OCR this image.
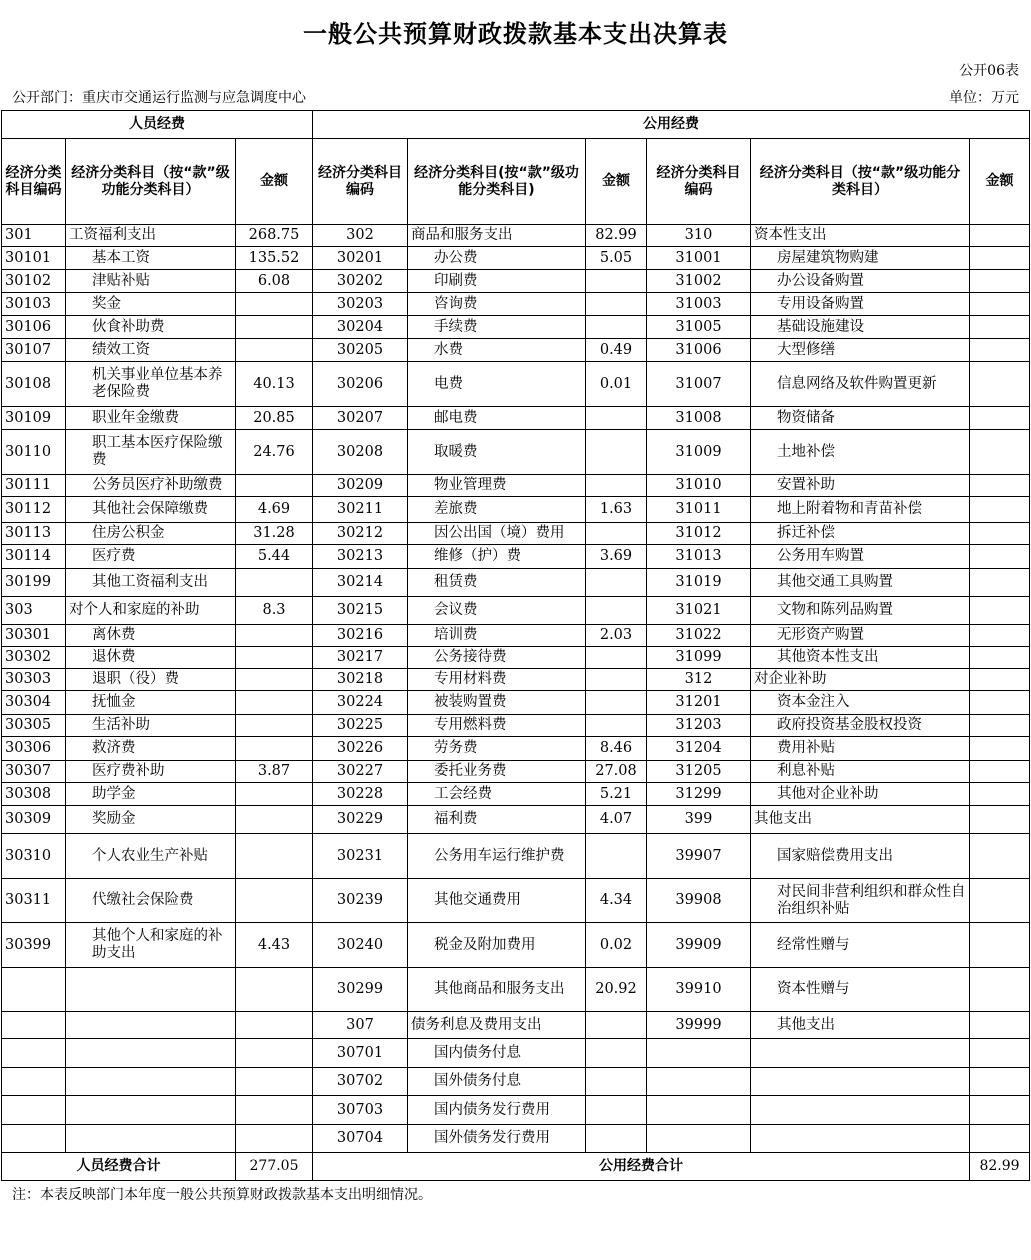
一般公共预算财政拨款基本支出决算表
公开06表
公开部门：重庆市交通运行监测与应急调度中心	单位：万元
人员经费			公用经费					
经济分类科目编码	经济分类科目（按“款”级功能分类科目）	金额	经济分类科目编码	经济分类科目(按“款”级功能分类科目)	金额	经济分类科目编码	经济分类科目（按“款”级功能分类科目）	金额
301	工资福利支出	268.75	302	商品和服务支出	82.99	310	资本性支出	
30101	基本工资	135.52	30201	办公费	5.05	31001	房屋建筑物购建	
30102	津贴补贴	6.08	30202	印刷费		31002	办公设备购置	
30103	奖金		30203	咨询费		31003	专用设备购置	
30106	伙食补助费		30204	手续费		31005	基础设施建设	
30107	绩效工资		30205	水费	0.49	31006	大型修缮	
30108	机关事业单位基本养老保险费	40.13	30206	电费	0.01	31007	信息网络及软件购置更新	
30109	职业年金缴费	20.85	30207	邮电费		31008	物资储备	
30110	职工基本医疗保险缴费	24.76	30208	取暖费		31009	土地补偿	
30111	公务员医疗补助缴费		30209	物业管理费		31010	安置补助	
30112	其他社会保障缴费	4.69	30211	差旅费	1.63	31011	地上附着物和青苗补偿	
30113	住房公积金	31.28	30212	因公出国（境）费用		31012	拆迁补偿	
30114	医疗费	5.44	30213	维修（护）费	3.69	31013	公务用车购置	
30199	其他工资福利支出		30214	租赁费		31019	其他交通工具购置	
303	对个人和家庭的补助	8.3	30215	会议费		31021	文物和陈列品购置	
30301	离休费		30216	培训费	2.03	31022	无形资产购置	
30302	退休费		30217	公务接待费		31099	其他资本性支出	
30303	退职（役）费		30218	专用材料费		312	对企业补助	
30304	抚恤金		30224	被装购置费		31201	资本金注入	
30305	生活补助		30225	专用燃料费		31203	政府投资基金股权投资	
30306	救济费		30226	劳务费	8.46	31204	费用补贴	
30307	医疗费补助	3.87	30227	委托业务费	27.08	31205	利息补贴	
30308	助学金		30228	工会经费	5.21	31299	其他对企业补助	
30309	奖励金		30229	福利费	4.07	399	其他支出	
30310	个人农业生产补贴		30231	公务用车运行维护费		39907	国家赔偿费用支出	
30311	代缴社会保险费		30239	其他交通费用	4.34	39908	对民间非营利组织和群众性自治组织补贴	
30399	其他个人和家庭的补助支出	4.43	30240	税金及附加费用	0.02	39909	经常性赠与	
			30299	其他商品和服务支出	20.92	39910	资本性赠与	
			307	债务利息及费用支出		39999	其他支出	
			30701	国内债务付息				
			30702	国外债务付息				
			30703	国内债务发行费用				
			30704	国外债务发行费用				
人员经费合计		277.05	公用经费合计					82.99
注：本表反映部门本年度一般公共预算财政拨款基本支出明细情况。
